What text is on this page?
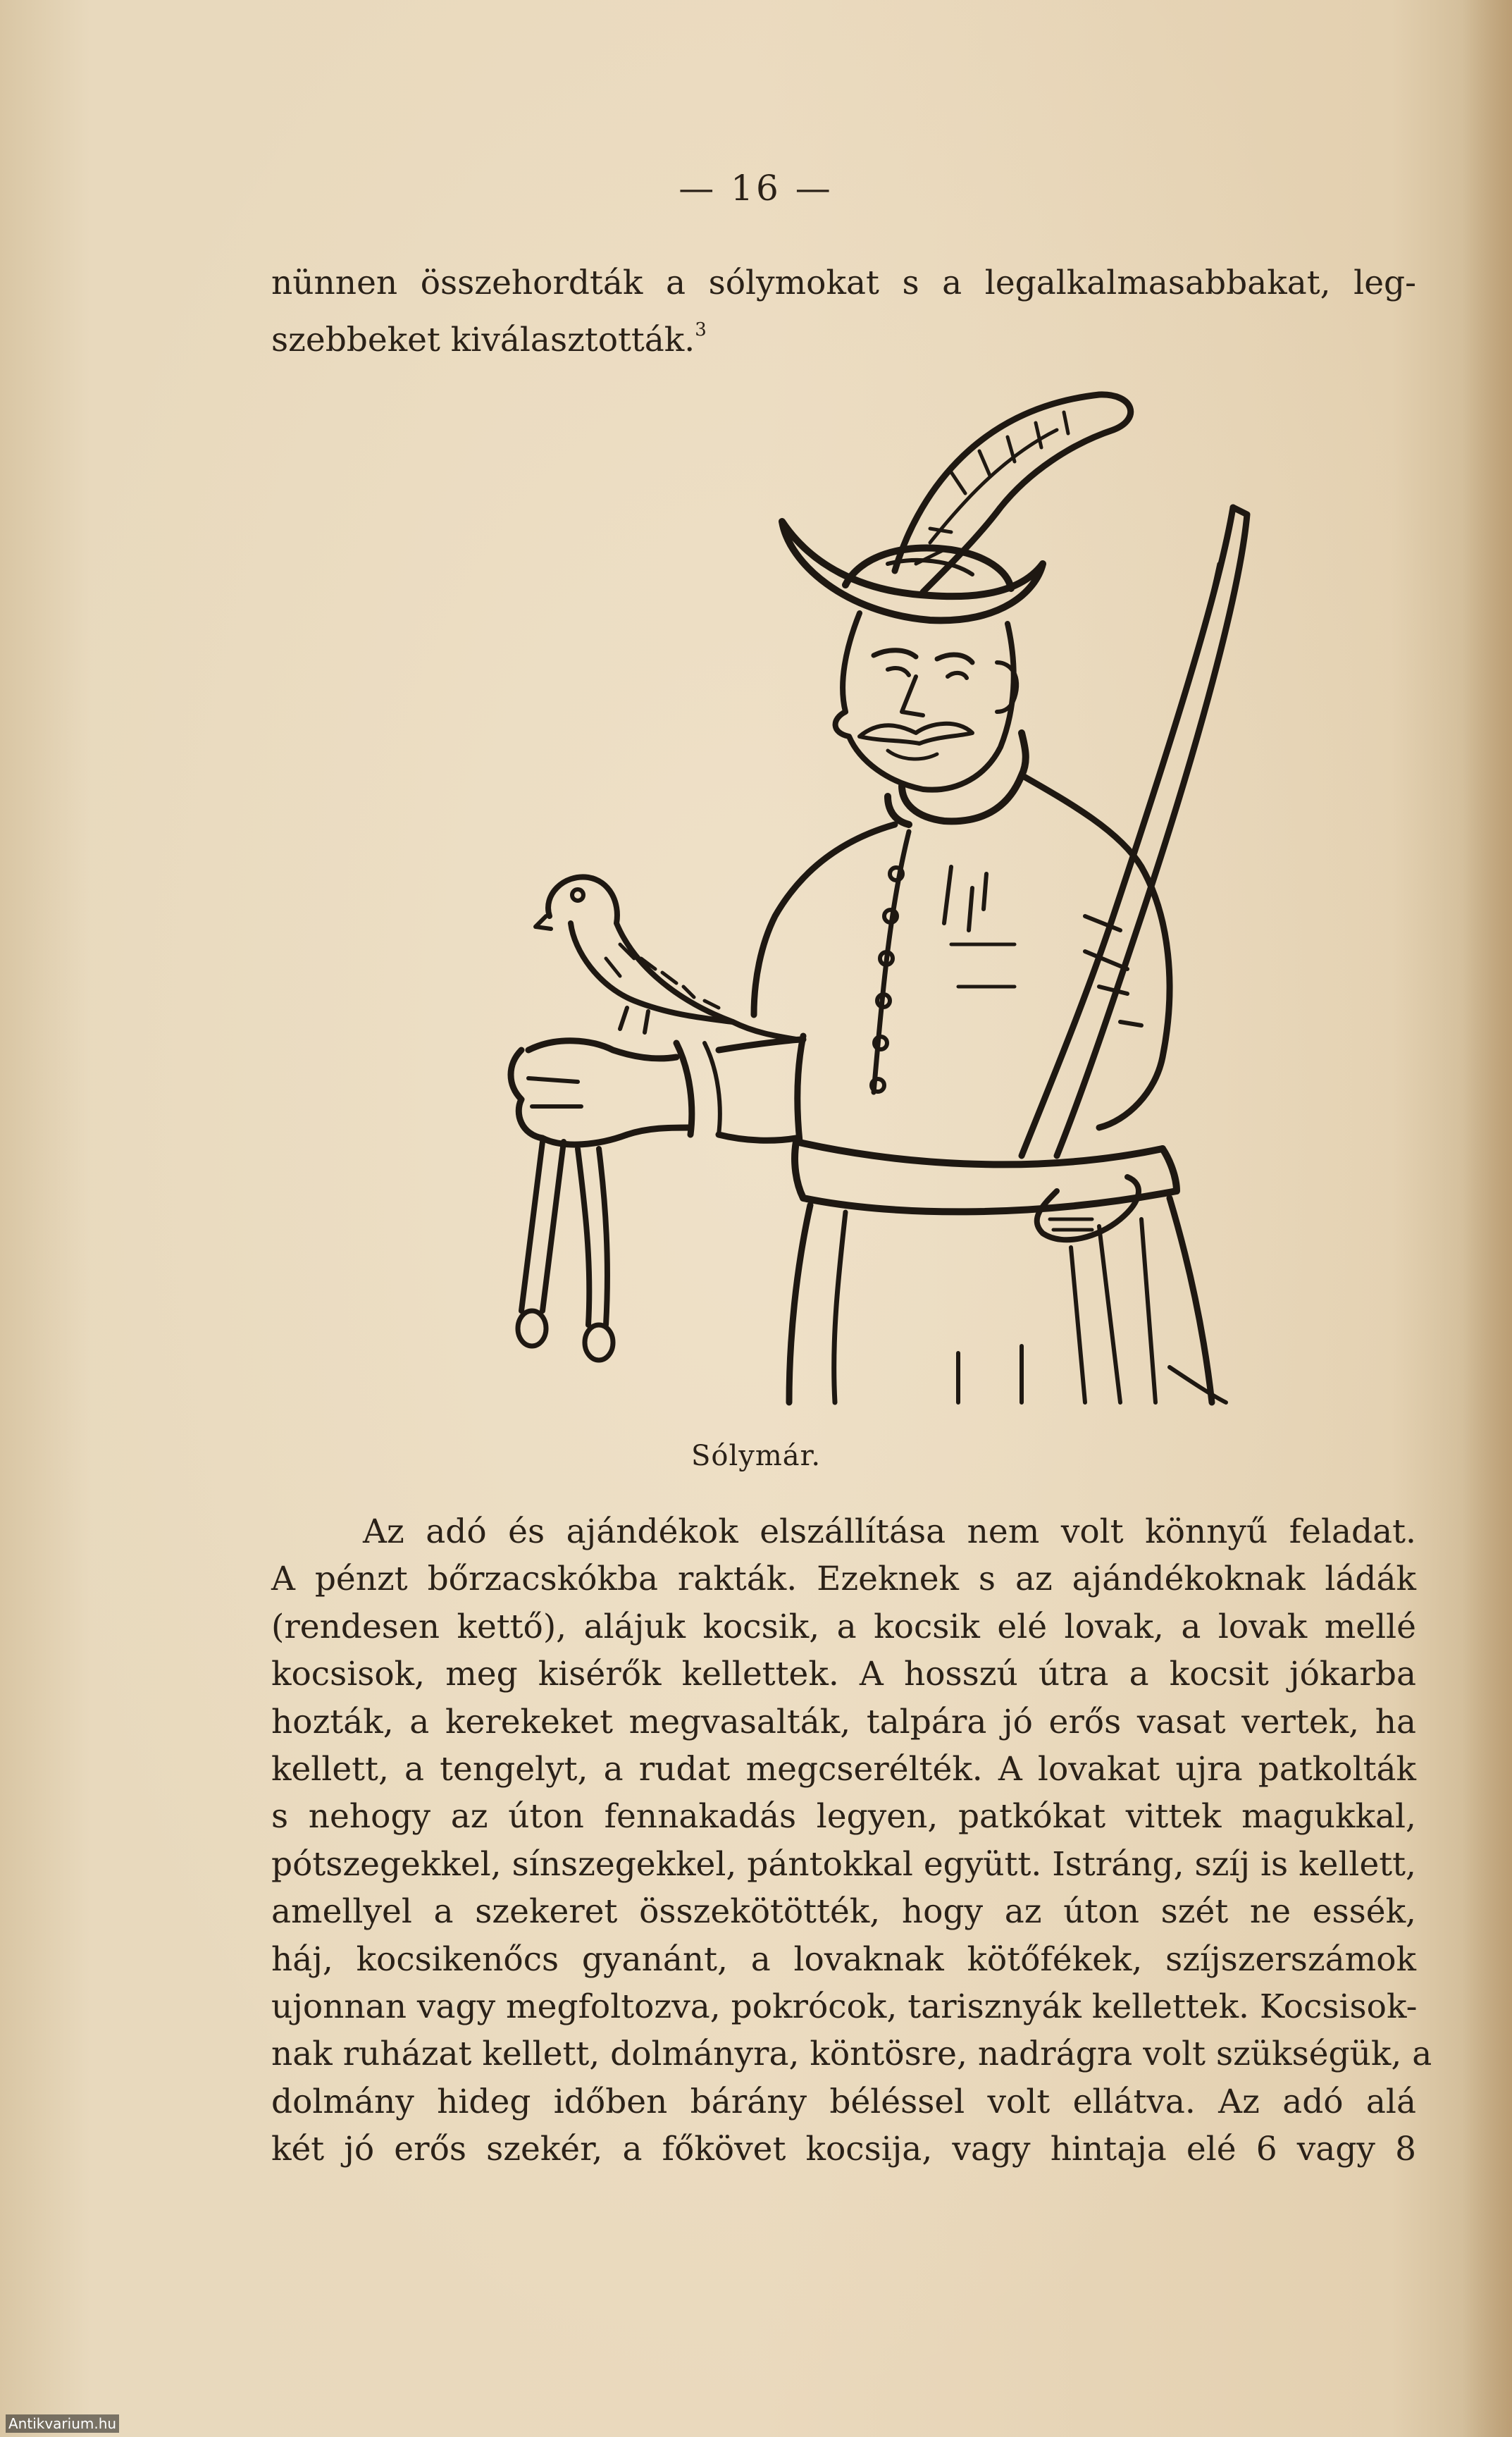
— 16 —
nünnen összehordták a sólymokat s a legalkalmasabbakat, leg-
szebbeket kiválasztották.$^3$
Sólymár.
Az adó és ajándékok elszállítása nem volt könnyű feladat.
A pénzt bőrzacskókba rakták. Ezeknek s az ajándékoknak ládák
(rendesen kettő), alájuk kocsik, a kocsik elé lovak, a lovak mellé
kocsisok, meg kisérők kellettek. A hosszú útra a kocsit jókarba
hozták, a kerekeket megvasalták, talpára jó erős vasat vertek, ha
kellett, a tengelyt, a rudat megcserélték. A lovakat ujra patkolták
s nehogy az úton fennakadás legyen, patkókat vittek magukkal,
pótszegekkel, sínszegekkel, pántokkal együtt. Istráng, szíj is kellett,
amellyel a szekeret összekötötték, hogy az úton szét ne essék,
háj, kocsikenőcs gyanánt, a lovaknak kötőfékek, szíjszerszámok
ujonnan vagy megfoltozva, pokrócok, tarisznyák kellettek. Kocsisok-
nak ruházat kellett, dolmányra, köntösre, nadrágra volt szükségük, a
dolmány hideg időben bárány béléssel volt ellátva. Az adó alá
két jó erős szekér, a főkövet kocsija, vagy hintaja elé 6 vagy 8
Antikvarium.hu
